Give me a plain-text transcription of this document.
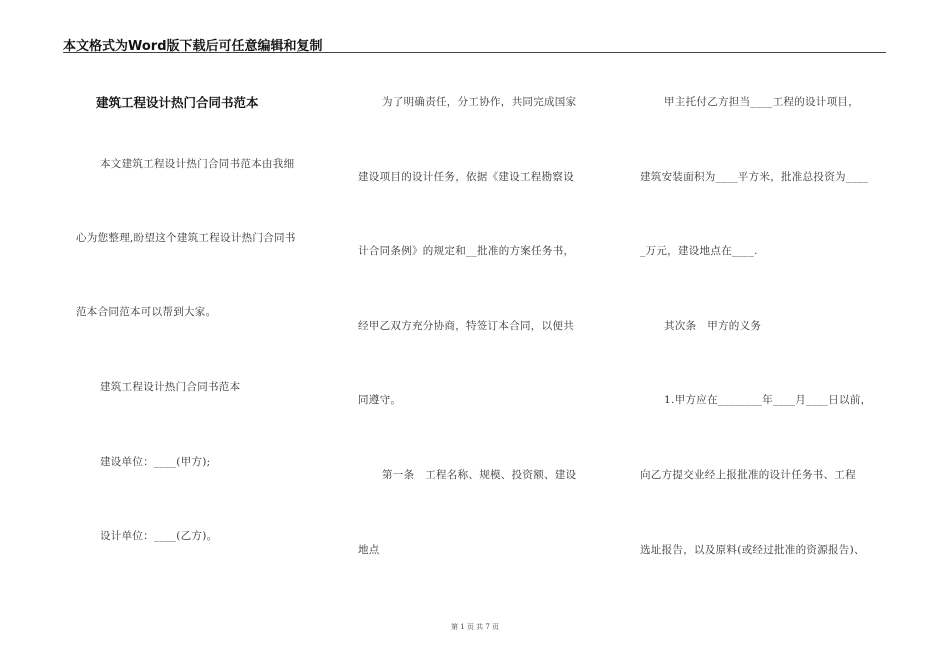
本文格式为Word版下载后可任意编辑和复制
建筑工程设计热门合同书范本
本文建筑工程设计热门合同书范本由我细
心为您整理,盼望这个建筑工程设计热门合同书
范本合同范本可以帮到大家。
建筑工程设计热门合同书范本
建设单位：____(甲方);
设计单位：____(乙方)。
为了明确责任，分工协作，共同完成国家
建设项目的设计任务，依据《建设工程勘察设
计合同条例》的规定和__批准的方案任务书，
经甲乙双方充分协商，特签订本合同，以便共
同遵守。
第一条　工程名称、规模、投资额、建设
地点
甲主托付乙方担当____工程的设计项目，
建筑安装面积为____平方米，批准总投资为____
_万元，建设地点在____.
其次条　甲方的义务
1.甲方应在________年____月____日以前，
向乙方提交业经上报批准的设计任务书、工程
选址报告，以及原料(或经过批准的资源报告)、
第 1 页 共 7 页
